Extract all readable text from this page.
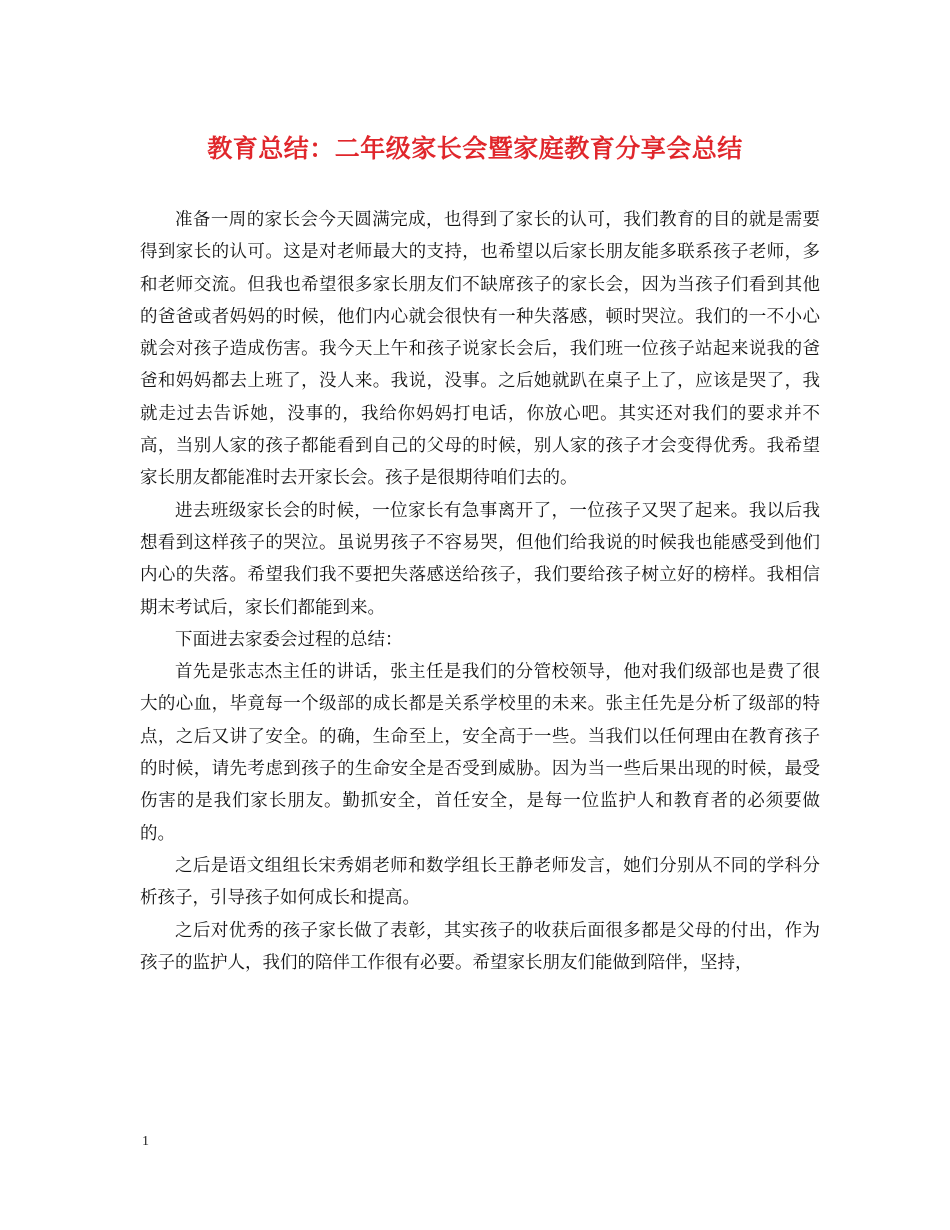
教育总结：二年级家长会暨家庭教育分享会总结

准备一周的家长会今天圆满完成，也得到了家长的认可，我们教育的目的就是需要得到家长的认可。这是对老师最大的支持，也希望以后家长朋友能多联系孩子老师，多和老师交流。但我也希望很多家长朋友们不缺席孩子的家长会，因为当孩子们看到其他的爸爸或者妈妈的时候，他们内心就会很快有一种失落感，顿时哭泣。我们的一不小心就会对孩子造成伤害。我今天上午和孩子说家长会后，我们班一位孩子站起来说我的爸爸和妈妈都去上班了，没人来。我说，没事。之后她就趴在桌子上了，应该是哭了，我就走过去告诉她，没事的，我给你妈妈打电话，你放心吧。其实还对我们的要求并不高，当别人家的孩子都能看到自己的父母的时候，别人家的孩子才会变得优秀。我希望家长朋友都能准时去开家长会。孩子是很期待咱们去的。

进去班级家长会的时候，一位家长有急事离开了，一位孩子又哭了起来。我以后我想看到这样孩子的哭泣。虽说男孩子不容易哭，但他们给我说的时候我也能感受到他们内心的失落。希望我们我不要把失落感送给孩子，我们要给孩子树立好的榜样。我相信期末考试后，家长们都能到来。

下面进去家委会过程的总结：

首先是张志杰主任的讲话，张主任是我们的分管校领导，他对我们级部也是费了很大的心血，毕竟每一个级部的成长都是关系学校里的未来。张主任先是分析了级部的特点，之后又讲了安全。的确，生命至上，安全高于一些。当我们以任何理由在教育孩子的时候，请先考虑到孩子的生命安全是否受到威胁。因为当一些后果出现的时候，最受伤害的是我们家长朋友。勤抓安全，首任安全，是每一位监护人和教育者的必须要做的。

之后是语文组组长宋秀娟老师和数学组长王静老师发言，她们分别从不同的学科分析孩子，引导孩子如何成长和提高。

之后对优秀的孩子家长做了表彰，其实孩子的收获后面很多都是父母的付出，作为孩子的监护人，我们的陪伴工作很有必要。希望家长朋友们能做到陪伴，坚持，

1
